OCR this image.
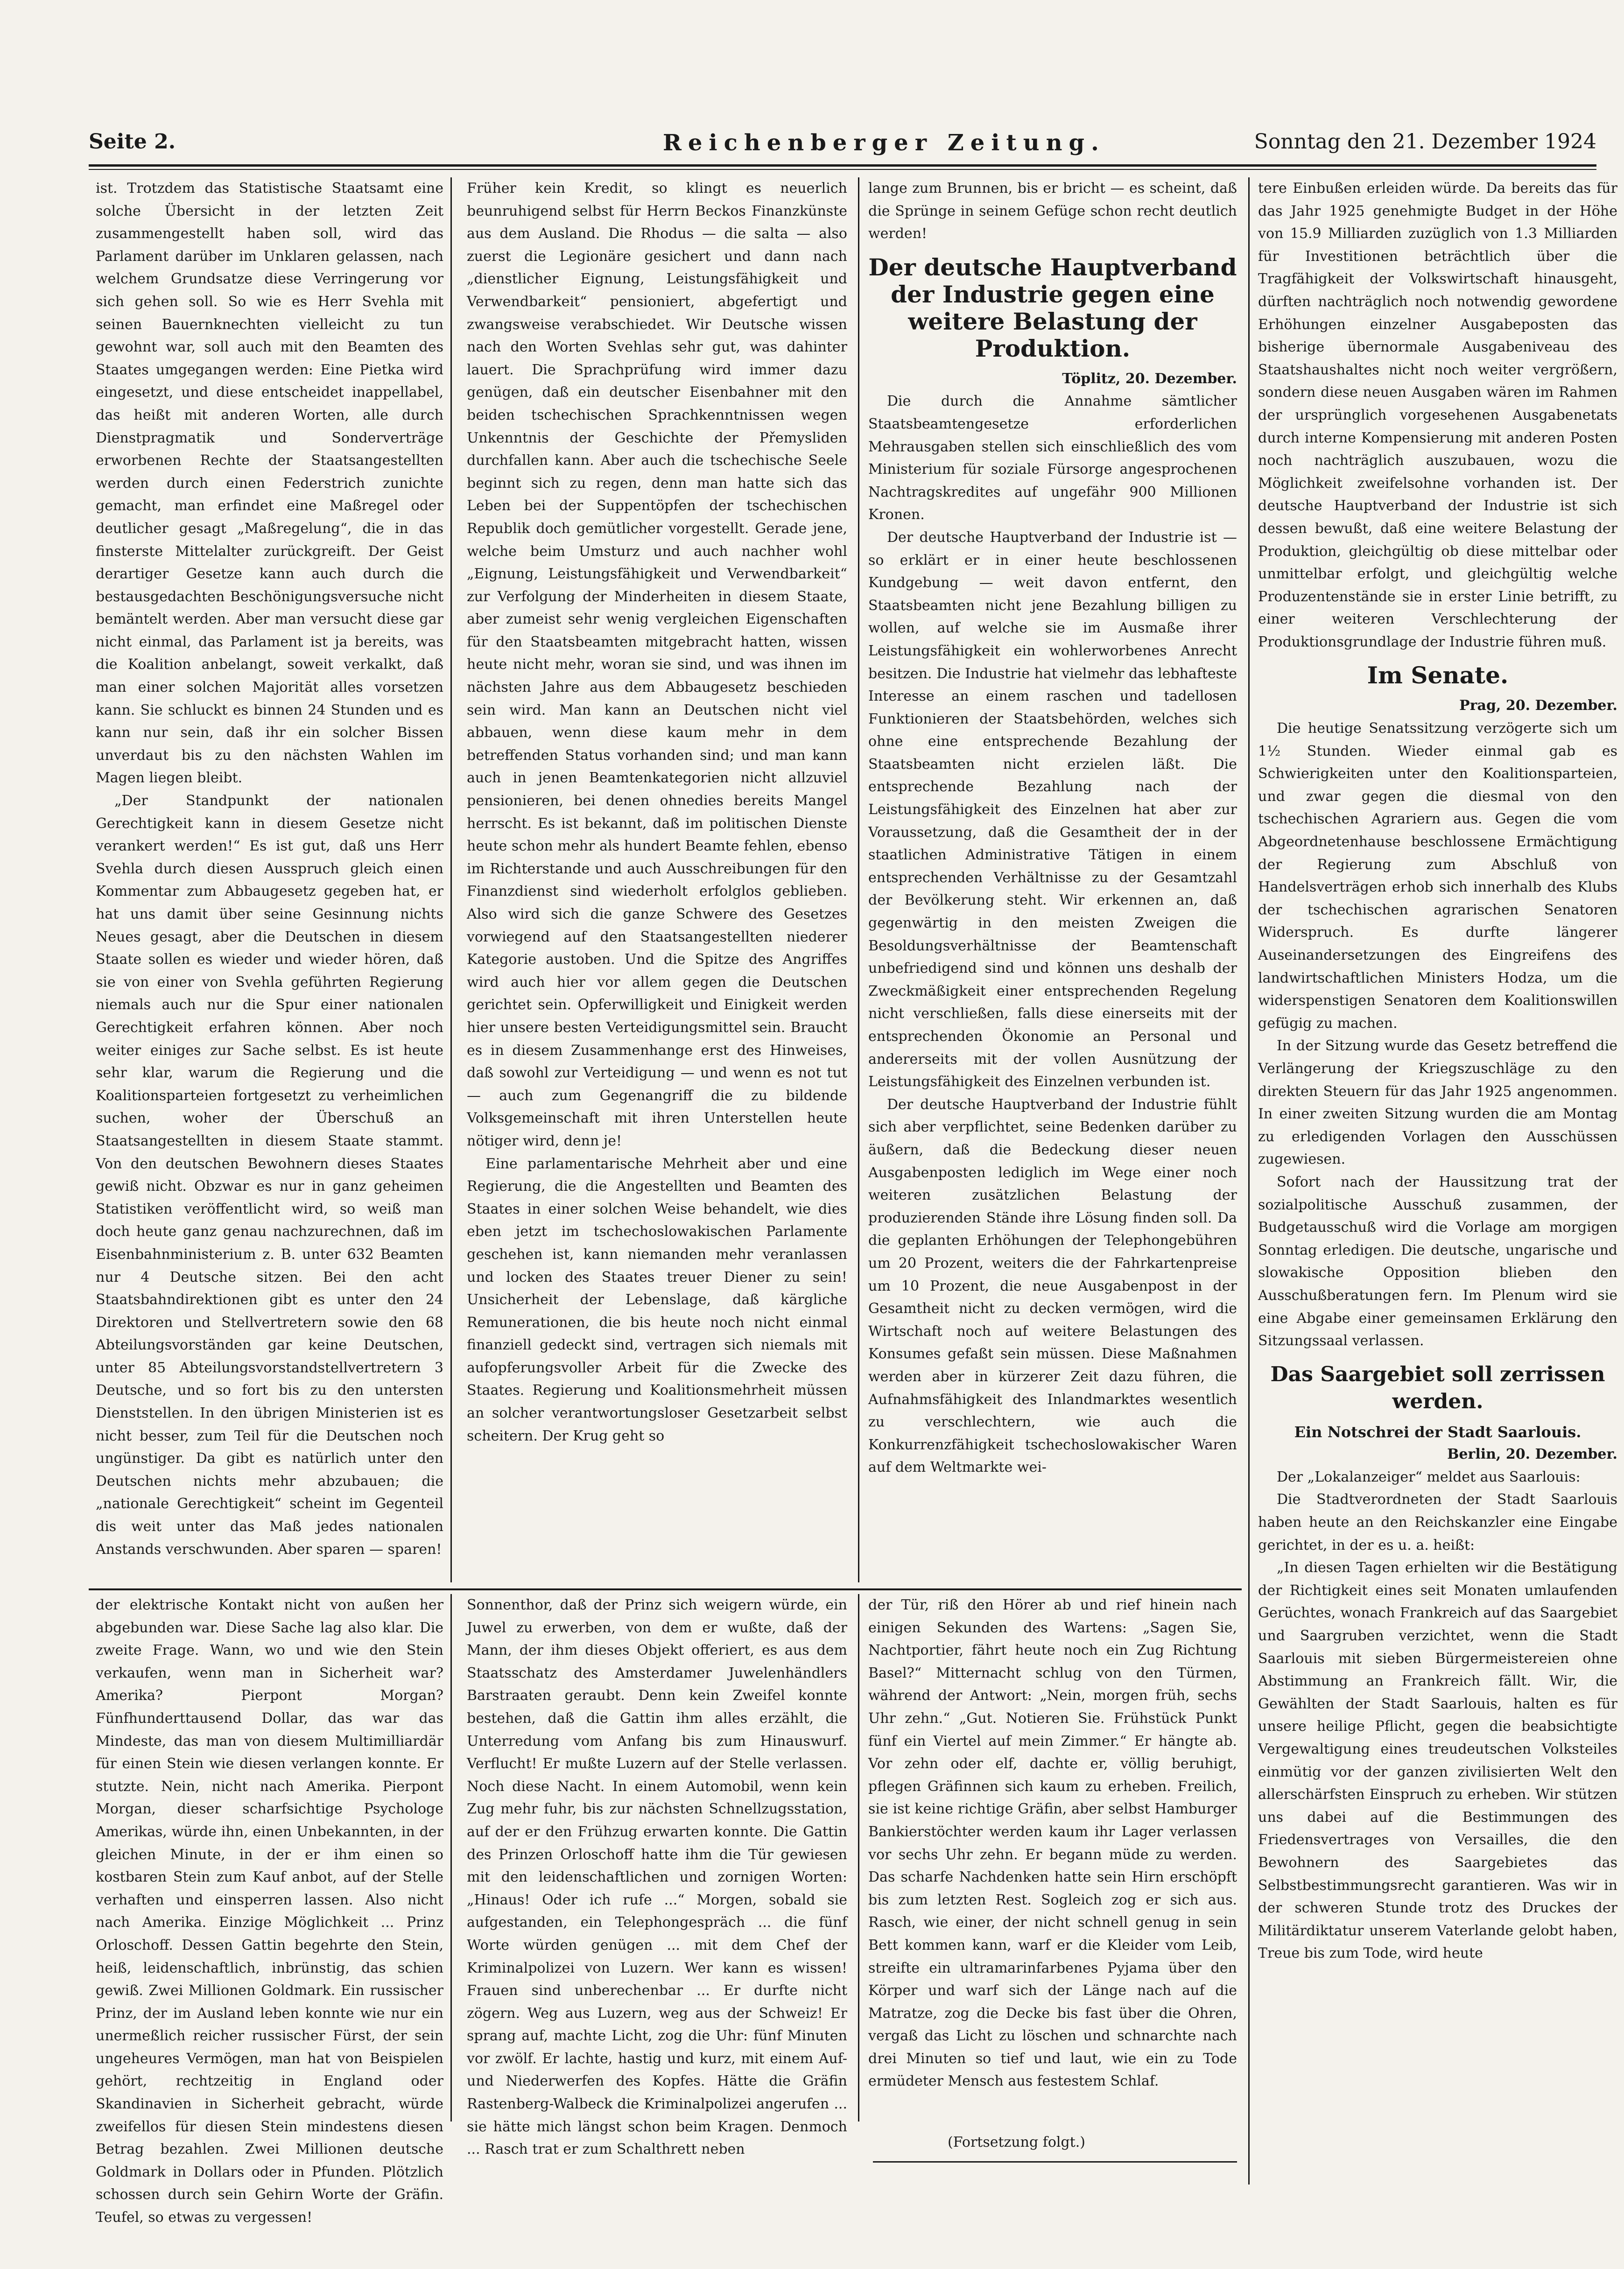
Seite 2.	Reichenberger Zeitung.	Sonntag den 21. Dezember 1924

ist. Trotzdem das Statistische Staatsamt eine solche Übersicht in der letzten Zeit zusammengestellt haben soll, wird das Parlament darüber im Unklaren gelassen, nach welchem Grundsatze diese Verringerung vor sich gehen soll. So wie es Herr Svehla mit seinen Bauernknechten vielleicht zu tun gewohnt war, soll auch mit den Beamten des Staates umgegangen werden: Eine Pietka wird eingesetzt, und diese entscheidet inappellabel, das heißt mit anderen Worten, alle durch Dienstpragmatik und Sonderverträge erworbenen Rechte der Staatsangestellten werden durch einen Federstrich zunichte gemacht, man erfindet eine Maßregel oder deutlicher gesagt „Maßregelung“, die in das finsterste Mittelalter zurückgreift. Der Geist derartiger Gesetze kann auch durch die bestausgedachten Beschönigungsversuche nicht bemäntelt werden. Aber man versucht diese gar nicht einmal, das Parlament ist ja bereits, was die Koalition anbelangt, soweit verkalkt, daß man einer solchen Majorität alles vorsetzen kann. Sie schluckt es binnen 24 Stunden und es kann nur sein, daß ihr ein solcher Bissen unverdaut bis zu den nächsten Wahlen im Magen liegen bleibt.

„Der Standpunkt der nationalen Gerechtigkeit kann in diesem Gesetze nicht verankert werden!“ Es ist gut, daß uns Herr Svehla durch diesen Ausspruch gleich einen Kommentar zum Abbaugesetz gegeben hat, er hat uns damit über seine Gesinnung nichts Neues gesagt, aber die Deutschen in diesem Staate sollen es wieder und wieder hören, daß sie von einer von Svehla geführten Regierung niemals auch nur die Spur einer nationalen Gerechtigkeit erfahren können. Aber noch weiter einiges zur Sache selbst. Es ist heute sehr klar, warum die Regierung und die Koalitionsparteien fortgesetzt zu verheimlichen suchen, woher der Überschuß an Staatsangestellten in diesem Staate stammt. Von den deutschen Bewohnern dieses Staates gewiß nicht. Obzwar es nur in ganz geheimen Statistiken veröffentlicht wird, so weiß man doch heute ganz genau nachzurechnen, daß im Eisenbahnministerium z. B. unter 632 Beamten nur 4 Deutsche sitzen. Bei den acht Staatsbahndirektionen gibt es unter den 24 Direktoren und Stellvertretern sowie den 68 Abteilungsvorständen gar keine Deutschen, unter 85 Abteilungsvorstandstellvertretern 3 Deutsche, und so fort bis zu den untersten Dienststellen. In den übrigen Ministerien ist es nicht besser, zum Teil für die Deutschen noch ungünstiger. Da gibt es natürlich unter den Deutschen nichts mehr abzubauen; die „nationale Gerechtigkeit“ scheint im Gegenteil dis weit unter das Maß jedes nationalen Anstands verschwunden. Aber sparen — sparen!

Früher kein Kredit, so klingt es neuerlich beunruhigend selbst für Herrn Beckos Finanzkünste aus dem Ausland. Die Rhodus — die salta — also zuerst die Legionäre gesichert und dann nach „dienstlicher Eignung, Leistungsfähigkeit und Verwendbarkeit“ pensioniert, abgefertigt und zwangsweise verabschiedet. Wir Deutsche wissen nach den Worten Svehlas sehr gut, was dahinter lauert. Die Sprachprüfung wird immer dazu genügen, daß ein deutscher Eisenbahner mit den beiden tschechischen Sprachkenntnissen wegen Unkenntnis der Geschichte der Přemysliden durchfallen kann. Aber auch die tschechische Seele beginnt sich zu regen, denn man hatte sich das Leben bei der Suppentöpfen der tschechischen Republik doch gemütlicher vorgestellt. Gerade jene, welche beim Umsturz und auch nachher wohl „Eignung, Leistungsfähigkeit und Verwendbarkeit“ zur Verfolgung der Minderheiten in diesem Staate, aber zumeist sehr wenig vergleichen Eigenschaften für den Staatsbeamten mitgebracht hatten, wissen heute nicht mehr, woran sie sind, und was ihnen im nächsten Jahre aus dem Abbaugesetz beschieden sein wird. Man kann an Deutschen nicht viel abbauen, wenn diese kaum mehr in dem betreffenden Status vorhanden sind; und man kann auch in jenen Beamtenkategorien nicht allzuviel pensionieren, bei denen ohnedies bereits Mangel herrscht. Es ist bekannt, daß im politischen Dienste heute schon mehr als hundert Beamte fehlen, ebenso im Richterstande und auch Ausschreibungen für den Finanzdienst sind wiederholt erfolglos geblieben. Also wird sich die ganze Schwere des Gesetzes vorwiegend auf den Staatsangestellten niederer Kategorie austoben. Und die Spitze des Angriffes wird auch hier vor allem gegen die Deutschen gerichtet sein. Opferwilligkeit und Einigkeit werden hier unsere besten Verteidigungsmittel sein. Braucht es in diesem Zusammenhange erst des Hinweises, daß sowohl zur Verteidigung — und wenn es not tut — auch zum Gegenangriff die zu bildende Volksgemeinschaft mit ihren Unterstellen heute nötiger wird, denn je!

Eine parlamentarische Mehrheit aber und eine Regierung, die die Angestellten und Beamten des Staates in einer solchen Weise behandelt, wie dies eben jetzt im tschechoslowakischen Parlamente geschehen ist, kann niemanden mehr veranlassen und locken des Staates treuer Diener zu sein! Unsicherheit der Lebenslage, daß kärgliche Remunerationen, die bis heute noch nicht einmal finanziell gedeckt sind, vertragen sich niemals mit aufopferungsvoller Arbeit für die Zwecke des Staates. Regierung und Koalitionsmehrheit müssen an solcher verantwortungsloser Gesetzarbeit selbst scheitern. Der Krug geht so

lange zum Brunnen, bis er bricht — es scheint, daß die Sprünge in seinem Gefüge schon recht deutlich werden!

Der deutsche Hauptverband der Industrie gegen eine weitere Belastung der Produktion.
Töplitz, 20. Dezember.

Die durch die Annahme sämtlicher Staatsbeamtengesetze erforderlichen Mehrausgaben stellen sich einschließlich des vom Ministerium für soziale Fürsorge angesprochenen Nachtragskredites auf ungefähr 900 Millionen Kronen.

Der deutsche Hauptverband der Industrie ist — so erklärt er in einer heute beschlossenen Kundgebung — weit davon entfernt, den Staatsbeamten nicht jene Bezahlung billigen zu wollen, auf welche sie im Ausmaße ihrer Leistungsfähigkeit ein wohlerworbenes Anrecht besitzen. Die Industrie hat vielmehr das lebhafteste Interesse an einem raschen und tadellosen Funktionieren der Staatsbehörden, welches sich ohne eine entsprechende Bezahlung der Staatsbeamten nicht erzielen läßt. Die entsprechende Bezahlung nach der Leistungsfähigkeit des Einzelnen hat aber zur Voraussetzung, daß die Gesamtheit der in der staatlichen Administrative Tätigen in einem entsprechenden Verhältnisse zu der Gesamtzahl der Bevölkerung steht. Wir erkennen an, daß gegenwärtig in den meisten Zweigen die Besoldungsverhältnisse der Beamtenschaft unbefriedigend sind und können uns deshalb der Zweckmäßigkeit einer entsprechenden Regelung nicht verschließen, falls diese einerseits mit der entsprechenden Ökonomie an Personal und andererseits mit der vollen Ausnützung der Leistungsfähigkeit des Einzelnen verbunden ist.

Der deutsche Hauptverband der Industrie fühlt sich aber verpflichtet, seine Bedenken darüber zu äußern, daß die Bedeckung dieser neuen Ausgabenposten lediglich im Wege einer noch weiteren zusätzlichen Belastung der produzierenden Stände ihre Lösung finden soll. Da die geplanten Erhöhungen der Telephongebühren um 20 Prozent, weiters die der Fahrkartenpreise um 10 Prozent, die neue Ausgabenpost in der Gesamtheit nicht zu decken vermögen, wird die Wirtschaft noch auf weitere Belastungen des Konsumes gefaßt sein müssen. Diese Maßnahmen werden aber in kürzerer Zeit dazu führen, die Aufnahmsfähigkeit des Inlandmarktes wesentlich zu verschlechtern, wie auch die Konkurrenzfähigkeit tschechoslowakischer Waren auf dem Weltmarkte wei-

tere Einbußen erleiden würde. Da bereits das für das Jahr 1925 genehmigte Budget in der Höhe von 15.9 Milliarden zuzüglich von 1.3 Milliarden für Investitionen beträchtlich über die Tragfähigkeit der Volkswirtschaft hinausgeht, dürften nachträglich noch notwendig gewordene Erhöhungen einzelner Ausgabeposten das bisherige übernormale Ausgabeniveau des Staatshaushaltes nicht noch weiter vergrößern, sondern diese neuen Ausgaben wären im Rahmen der ursprünglich vorgesehenen Ausgabenetats durch interne Kompensierung mit anderen Posten noch nachträglich auszubauen, wozu die Möglichkeit zweifelsohne vorhanden ist. Der deutsche Hauptverband der Industrie ist sich dessen bewußt, daß eine weitere Belastung der Produktion, gleichgültig ob diese mittelbar oder unmittelbar erfolgt, und gleichgültig welche Produzentenstände sie in erster Linie betrifft, zu einer weiteren Verschlechterung der Produktionsgrundlage der Industrie führen muß.

Im Senate.
Prag, 20. Dezember.

Die heutige Senatssitzung verzögerte sich um 1½ Stunden. Wieder einmal gab es Schwierigkeiten unter den Koalitionsparteien, und zwar gegen die diesmal von den tschechischen Agrariern aus. Gegen die vom Abgeordnetenhause beschlossene Ermächtigung der Regierung zum Abschluß von Handelsverträgen erhob sich innerhalb des Klubs der tschechischen agrarischen Senatoren Widerspruch. Es durfte längerer Auseinandersetzungen des Eingreifens des landwirtschaftlichen Ministers Hodza, um die widerspenstigen Senatoren dem Koalitionswillen gefügig zu machen.

In der Sitzung wurde das Gesetz betreffend die Verlängerung der Kriegszuschläge zu den direkten Steuern für das Jahr 1925 angenommen. In einer zweiten Sitzung wurden die am Montag zu erledigenden Vorlagen den Ausschüssen zugewiesen.

Sofort nach der Haussitzung trat der sozialpolitische Ausschuß zusammen, der Budgetausschuß wird die Vorlage am morgigen Sonntag erledigen. Die deutsche, ungarische und slowakische Opposition blieben den Ausschußberatungen fern. Im Plenum wird sie eine Abgabe einer gemeinsamen Erklärung den Sitzungssaal verlassen.

Das Saargebiet soll zerrissen werden.
Ein Notschrei der Stadt Saarlouis.
Berlin, 20. Dezember.

Der „Lokalanzeiger“ meldet aus Saarlouis:

Die Stadtverordneten der Stadt Saarlouis haben heute an den Reichskanzler eine Eingabe gerichtet, in der es u. a. heißt:

„In diesen Tagen erhielten wir die Bestätigung der Richtigkeit eines seit Monaten umlaufenden Gerüchtes, wonach Frankreich auf das Saargebiet und Saargruben verzichtet, wenn die Stadt Saarlouis mit sieben Bürgermeistereien ohne Abstimmung an Frankreich fällt. Wir, die Gewählten der Stadt Saarlouis, halten es für unsere heilige Pflicht, gegen die beabsichtigte Vergewaltigung eines treudeutschen Volksteiles einmütig vor der ganzen zivilisierten Welt den allerschärfsten Einspruch zu erheben. Wir stützen uns dabei auf die Bestimmungen des Friedensvertrages von Versailles, die den Bewohnern des Saargebietes das Selbstbestimmungsrecht garantieren. Was wir in der schweren Stunde trotz des Druckes der Militärdiktatur unserem Vaterlande gelobt haben, Treue bis zum Tode, wird heute

der elektrische Kontakt nicht von außen her abgebunden war. Diese Sache lag also klar. Die zweite Frage. Wann, wo und wie den Stein verkaufen, wenn man in Sicherheit war? Amerika? Pierpont Morgan? Fünfhunderttausend Dollar, das war das Mindeste, das man von diesem Multimilliardär für einen Stein wie diesen verlangen konnte. Er stutzte. Nein, nicht nach Amerika. Pierpont Morgan, dieser scharfsichtige Psychologe Amerikas, würde ihn, einen Unbekannten, in der gleichen Minute, in der er ihm einen so kostbaren Stein zum Kauf anbot, auf der Stelle verhaften und einsperren lassen. Also nicht nach Amerika. Einzige Möglichkeit ... Prinz Orloschoff. Dessen Gattin begehrte den Stein, heiß, leidenschaftlich, inbrünstig, das schien gewiß. Zwei Millionen Goldmark. Ein russischer Prinz, der im Ausland leben konnte wie nur ein unermeßlich reicher russischer Fürst, der sein ungeheures Vermögen, man hat von Beispielen gehört, rechtzeitig in England oder Skandinavien in Sicherheit gebracht, würde zweifellos für diesen Stein mindestens diesen Betrag bezahlen. Zwei Millionen deutsche Goldmark in Dollars oder in Pfunden. Plötzlich schossen durch sein Gehirn Worte der Gräfin. Teufel, so etwas zu vergessen!

Sonnenthor, daß der Prinz sich weigern würde, ein Juwel zu erwerben, von dem er wußte, daß der Mann, der ihm dieses Objekt offeriert, es aus dem Staatsschatz des Amsterdamer Juwelenhändlers Barstraaten geraubt. Denn kein Zweifel konnte bestehen, daß die Gattin ihm alles erzählt, die Unterredung vom Anfang bis zum Hinauswurf. Verflucht! Er mußte Luzern auf der Stelle verlassen. Noch diese Nacht. In einem Automobil, wenn kein Zug mehr fuhr, bis zur nächsten Schnellzugsstation, auf der er den Frühzug erwarten konnte. Die Gattin des Prinzen Orloschoff hatte ihm die Tür gewiesen mit den leidenschaftlichen und zornigen Worten: „Hinaus! Oder ich rufe ...“ Morgen, sobald sie aufgestanden, ein Telephongespräch ... die fünf Worte würden genügen ... mit dem Chef der Kriminalpolizei von Luzern. Wer kann es wissen! Frauen sind unberechenbar ... Er durfte nicht zögern. Weg aus Luzern, weg aus der Schweiz! Er sprang auf, machte Licht, zog die Uhr: fünf Minuten vor zwölf. Er lachte, hastig und kurz, mit einem Auf- und Niederwerfen des Kopfes. Hätte die Gräfin Rastenberg-Walbeck die Kriminalpolizei angerufen ... sie hätte mich längst schon beim Kragen. Denmoch ... Rasch trat er zum Schalthrett neben

der Tür, riß den Hörer ab und rief hinein nach einigen Sekunden des Wartens: „Sagen Sie, Nachtportier, fährt heute noch ein Zug Richtung Basel?“ Mitternacht schlug von den Türmen, während der Antwort: „Nein, morgen früh, sechs Uhr zehn.“ „Gut. Notieren Sie. Frühstück Punkt fünf ein Viertel auf mein Zimmer.“ Er hängte ab. Vor zehn oder elf, dachte er, völlig beruhigt, pflegen Gräfinnen sich kaum zu erheben. Freilich, sie ist keine richtige Gräfin, aber selbst Hamburger Bankierstöchter werden kaum ihr Lager verlassen vor sechs Uhr zehn. Er begann müde zu werden. Das scharfe Nachdenken hatte sein Hirn erschöpft bis zum letzten Rest. Sogleich zog er sich aus. Rasch, wie einer, der nicht schnell genug in sein Bett kommen kann, warf er die Kleider vom Leib, streifte ein ultramarinfarbenes Pyjama über den Körper und warf sich der Länge nach auf die Matratze, zog die Decke bis fast über die Ohren, vergaß das Licht zu löschen und schnarchte nach drei Minuten so tief und laut, wie ein zu Tode ermüdeter Mensch aus festestem Schlaf.

(Fortsetzung folgt.)
